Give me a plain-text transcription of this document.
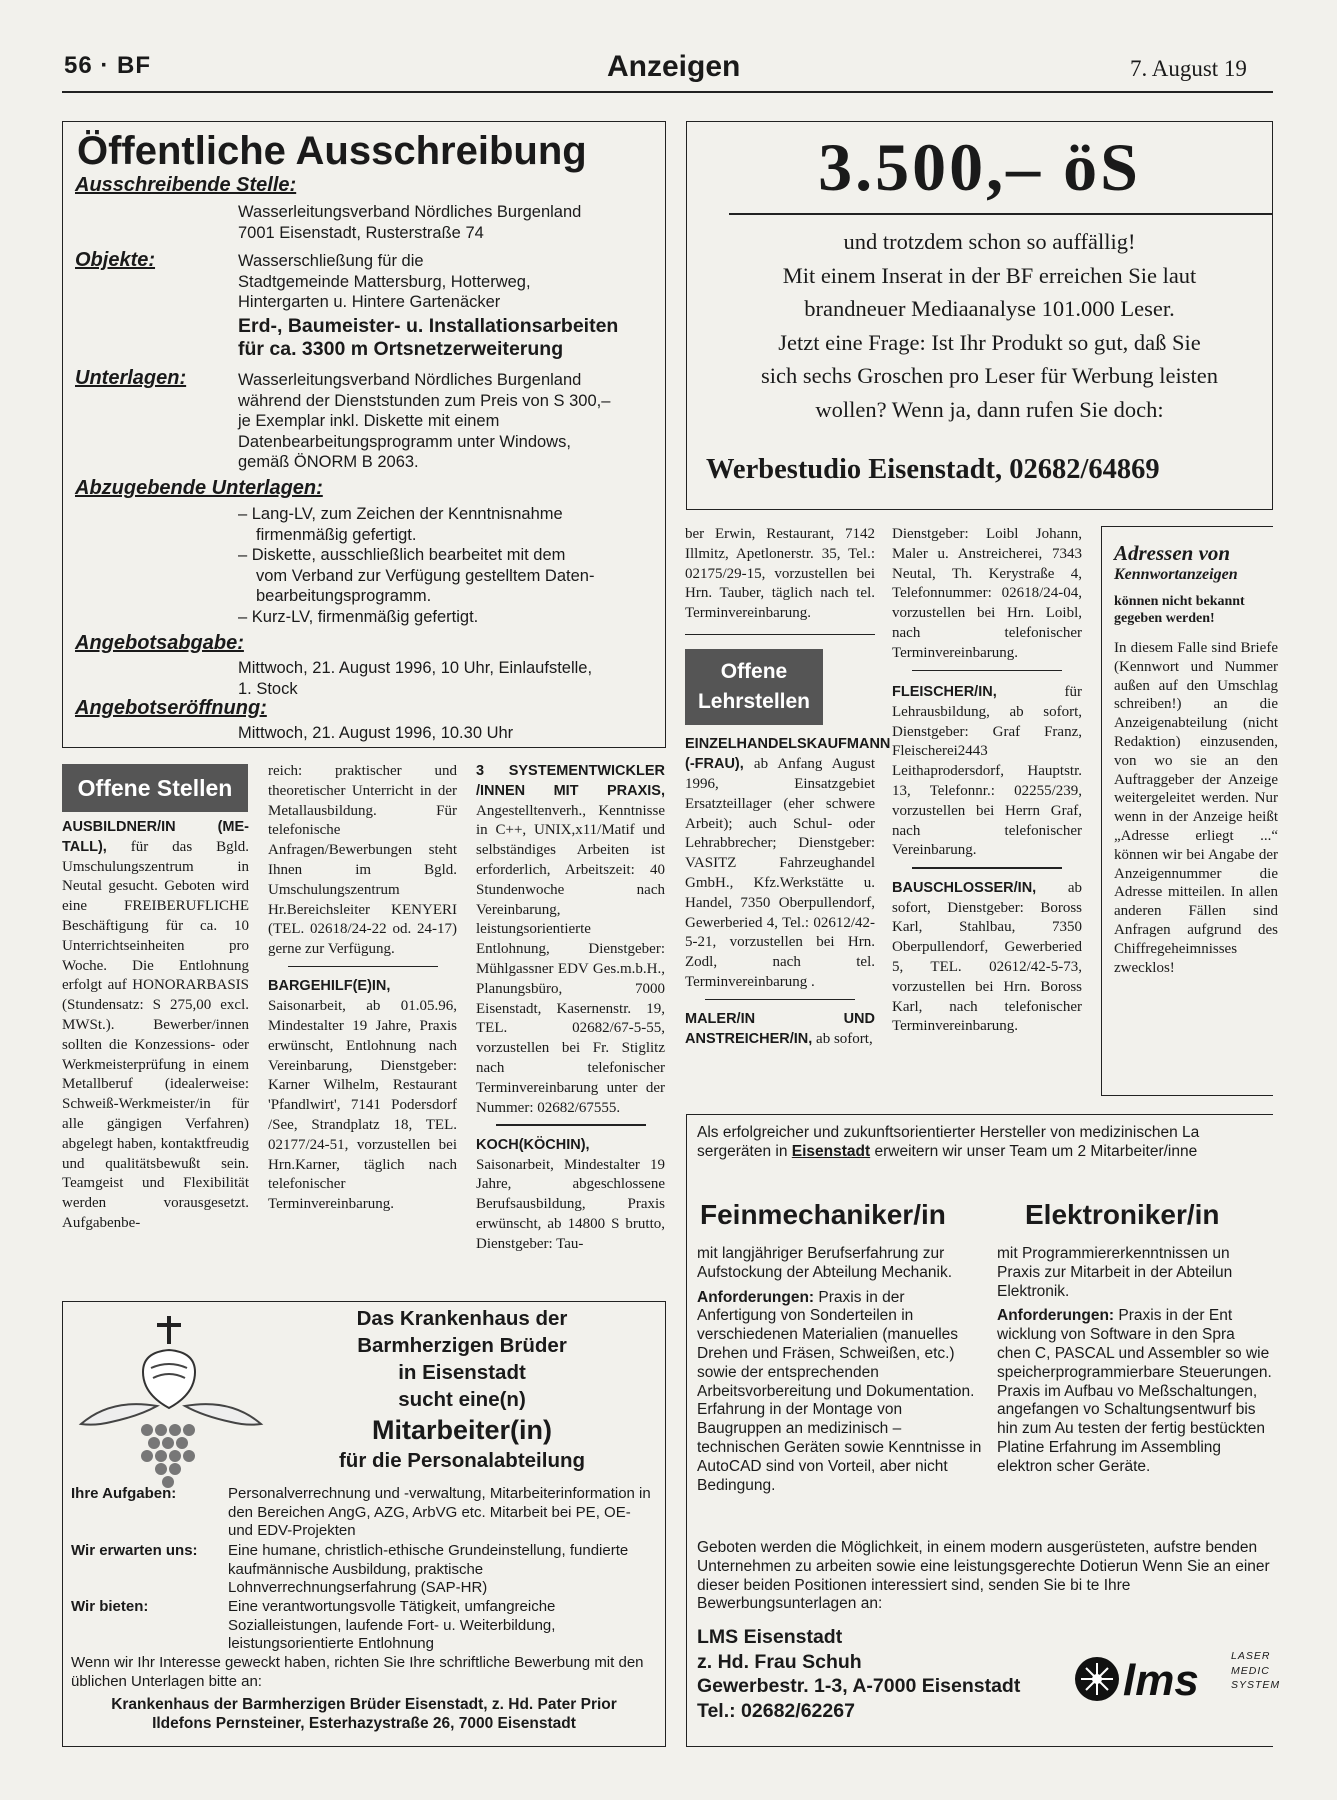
56 · BF	Anzeigen	7. August 19
Öffentliche Ausschreibung
Ausschreibende Stelle:
Wasserleitungsverband Nördliches Burgenland
7001 Eisenstadt, Rusterstraße 74
Objekte:	Wasserschließung für die
Stadtgemeinde Mattersburg, Hotterweg,
Hintergarten u. Hintere Gartenäcker
Erd-, Baumeister- u. Installationsarbeiten
für ca. 3300 m Ortsnetzerweiterung
Unterlagen:	Wasserleitungsverband Nördliches Burgenland
während der Dienststunden zum Preis von S 300,–
je Exemplar inkl. Diskette mit einem
Datenbearbeitungsprogramm unter Windows,
gemäß ÖNORM B 2063.
Abzugebende Unterlagen:
– Lang-LV, zum Zeichen der Kenntnisnahme
firmenmäßig gefertigt.
– Diskette, ausschließlich bearbeitet mit dem
vom Verband zur Verfügung gestelltem Daten-
bearbeitungsprogramm.
– Kurz-LV, firmenmäßig gefertigt.
Angebotsabgabe:
Mittwoch, 21. August 1996, 10 Uhr, Einlaufstelle,
1. Stock
Angebotseröffnung:
Mittwoch, 21. August 1996, 10.30 Uhr
3.500,– öS
und trotzdem schon so auffällig!
Mit einem Inserat in der BF erreichen Sie laut
brandneuer Mediaanalyse 101.000 Leser.
Jetzt eine Frage: Ist Ihr Produkt so gut, daß Sie
sich sechs Groschen pro Leser für Werbung leisten
wollen? Wenn ja, dann rufen Sie doch:
Werbestudio Eisenstadt, 02682/64869
Offene Stellen

AUSBILDNER/IN (ME-TALL), für das Bgld. Umschulungszentrum in Neutal gesucht. Geboten wird eine FREIBERUFLICHE Beschäftigung für ca. 10 Unterrichtseinheiten pro Woche. Die Entlohnung erfolgt auf HONORARBASIS (Stundensatz: S 275,00 excl. MWSt.). Bewerber/innen sollten die Konzessions- oder Werkmeisterprüfung in einem Metallberuf (idealerweise: Schweiß-Werkmeister/in für alle gängigen Verfahren) abgelegt haben, kontaktfreudig und qualitätsbewußt sein. Teamgeist und Flexibilität werden vorausgesetzt. Aufgabenbe-

reich: praktischer und theoretischer Unterricht in der Metallausbildung. Für telefonische Anfragen/Bewerbungen steht Ihnen im Bgld. Umschulungszentrum Hr.Bereichsleiter KENYERI (TEL. 02618/24-22 od. 24-17) gerne zur Verfügung.

BARGEHILF(E)IN, Saisonarbeit, ab 01.05.96, Mindestalter 19 Jahre, Praxis erwünscht, Entlohnung nach Vereinbarung, Dienstgeber: Karner Wilhelm, Restaurant 'Pfandlwirt', 7141 Podersdorf /See, Strandplatz 18, TEL. 02177/24-51, vorzustellen bei Hrn.Karner, täglich nach telefonischer Terminvereinbarung.

3 SYSTEMENTWICKLER /INNEN MIT PRAXIS, Angestelltenverh., Kenntnisse in C++, UNIX,x11/Matif und selbständiges Arbeiten ist erforderlich, Arbeitszeit: 40 Stundenwoche nach Vereinbarung, leistungsorientierte Entlohnung, Dienstgeber: Mühlgassner EDV Ges.m.b.H., Planungsbüro, 7000 Eisenstadt, Kasernenstr. 19, TEL. 02682/67-5-55, vorzustellen bei Fr. Stiglitz nach telefonischer Terminvereinbarung unter der Nummer: 02682/67555.

KOCH(KÖCHIN), Saisonarbeit, Mindestalter 19 Jahre, abgeschlossene Berufsausbildung, Praxis erwünscht, ab 14800 S brutto, Dienstgeber: Tau-

ber Erwin, Restaurant, 7142 Illmitz, Apetlonerstr. 35, Tel.: 02175/29-15, vorzustellen bei Hrn. Tauber, täglich nach tel. Terminvereinbarung.

Offene
Lehrstellen

EINZELHANDELSKAUFMANN (-FRAU), ab Anfang August 1996, Einsatzgebiet Ersatzteillager (eher schwere Arbeit); auch Schul- oder Lehrabbrecher; Dienstgeber: VASITZ Fahrzeughandel GmbH., Kfz.Werkstätte u. Handel, 7350 Oberpullendorf, Gewerberied 4, Tel.: 02612/42-5-21, vorzustellen bei Hrn. Zodl, nach tel. Terminvereinbarung .

MALER/IN UND ANSTREICHER/IN, ab sofort,

Dienstgeber: Loibl Johann, Maler u. Anstreicherei, 7343 Neutal, Th. Kerystraße 4, Telefonnummer: 02618/24-04, vorzustellen bei Hrn. Loibl, nach telefonischer Terminvereinbarung.

FLEISCHER/IN,	für Lehrausbildung, ab sofort, Dienstgeber: Graf Franz, Fleischerei2443 Leithaprodersdorf, Hauptstr. 13, Telefonnr.: 02255/239, vorzustellen bei Herrn Graf, nach telefonischer Vereinbarung.

BAUSCHLOSSER/IN, ab sofort, Dienstgeber: Boross Karl, Stahlbau, 7350 Oberpullendorf, Gewerberied 5, TEL. 02612/42-5-73, vorzustellen bei Hrn. Boross Karl, nach telefonischer Terminvereinbarung.

Adressen von
Kennwortanzeigen
können nicht bekannt gegeben werden!
In diesem Falle sind Briefe (Kennwort und Nummer außen auf den Umschlag schreiben!) an die Anzeigenabteilung (nicht Redaktion) einzusenden, von wo sie an den Auftraggeber der Anzeige weitergeleitet werden. Nur wenn in der Anzeige heißt „Adresse erliegt ...“ können wir bei Angabe der Anzeigennummer die Adresse mitteilen. In allen anderen Fällen sind Anfragen aufgrund des Chiffregeheimnisses zwecklos!
Das Krankenhaus der
Barmherzigen Brüder
in Eisenstadt
sucht eine(n)
Mitarbeiter(in)
für die Personalabteilung
Ihre Aufgaben:	Personalverrechnung und -verwaltung, Mitarbeiterinformation in den Bereichen AngG, AZG, ArbVG etc. Mitarbeit bei PE, OE- und EDV-Projekten
Wir erwarten uns: Eine humane, christlich-ethische Grundeinstellung, fundierte kaufmännische Ausbildung, praktische Lohnverrechnungserfahrung (SAP-HR)
Wir bieten:	Eine verantwortungsvolle Tätigkeit, umfangreiche Sozialleistungen, laufende Fort- u. Weiterbildung, leistungsorientierte Entlohnung
Wenn wir Ihr Interesse geweckt haben, richten Sie Ihre schriftliche Bewerbung mit den üblichen Unterlagen bitte an:
Krankenhaus der Barmherzigen Brüder Eisenstadt, z. Hd. Pater Prior
Ildefons Pernsteiner, Esterhazystraße 26, 7000 Eisenstadt
Als erfolgreicher und zukunftsorientierter Hersteller von medizinischen La
sergeräten in Eisenstadt erweitern wir unser Team um 2 Mitarbeiter/inne
Feinmechaniker/in	Elektroniker/in
mit langjähriger Berufserfahrung zur Aufstockung der Abteilung Mechanik.
Anforderungen: Praxis in der Anfertigung von Sonderteilen in verschiedenen Materialien (manuelles Drehen und Fräsen, Schweißen, etc.) sowie der entsprechenden Arbeitsvorbereitung und Dokumentation. Erfahrung in der Montage von Baugruppen an medizinisch – technischen Geräten sowie Kenntnisse in AutoCAD sind von Vorteil, aber nicht Bedingung.
mit Programmiererkenntnissen un Praxis zur Mitarbeit in der Abteilun Elektronik.
Anforderungen: Praxis in der Ent wicklung von Software in den Spra chen C, PASCAL und Assembler so wie speicherprogrammierbare Steuerungen. Praxis im Aufbau vo Meßschaltungen, angefangen vo Schaltungsentwurf bis hin zum Au testen der fertig bestückten Platine Erfahrung im Assembling elektron scher Geräte.
Geboten werden die Möglichkeit, in einem modern ausgerüsteten, aufstre benden Unternehmen zu arbeiten sowie eine leistungsgerechte Dotierun Wenn Sie an einer dieser beiden Positionen interessiert sind, senden Sie bi te Ihre Bewerbungsunterlagen an:
LMS Eisenstadt
z. Hd. Frau Schuh
Gewerbestr. 1-3, A-7000 Eisenstadt
Tel.: 02682/62267
lms	LASER
MEDIC
SYSTEM
